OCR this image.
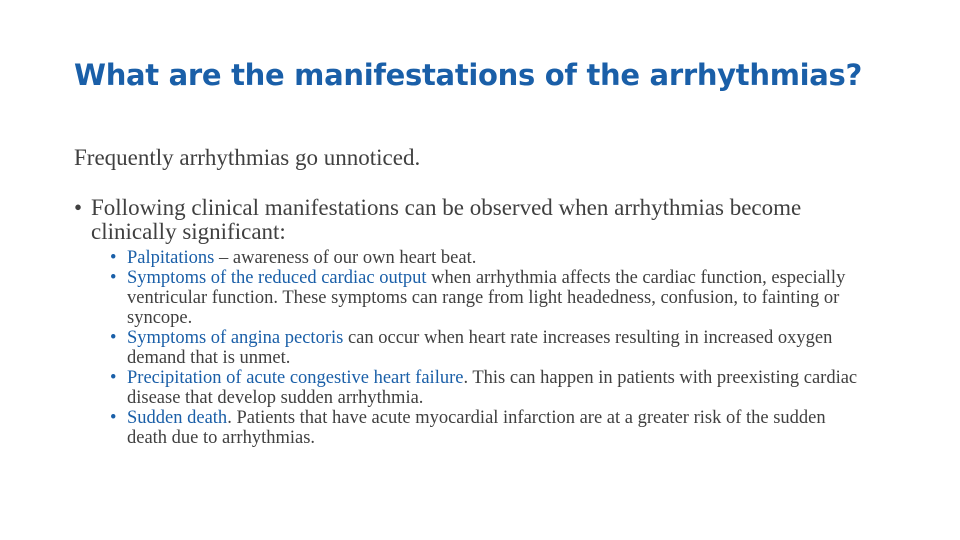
What are the manifestations of the arrhythmias?

Frequently arrhythmias go unnoticed.

• Following clinical manifestations can be observed when arrhythmias become clinically significant:
• Palpitations – awareness of our own heart beat.
• Symptoms of the reduced cardiac output when arrhythmia affects the cardiac function, especially ventricular function. These symptoms can range from light headedness, confusion, to fainting or syncope.
• Symptoms of angina pectoris can occur when heart rate increases resulting in increased oxygen demand that is unmet.
• Precipitation of acute congestive heart failure. This can happen in patients with preexisting cardiac disease that develop sudden arrhythmia.
• Sudden death. Patients that have acute myocardial infarction are at a greater risk of the sudden death due to arrhythmias.
